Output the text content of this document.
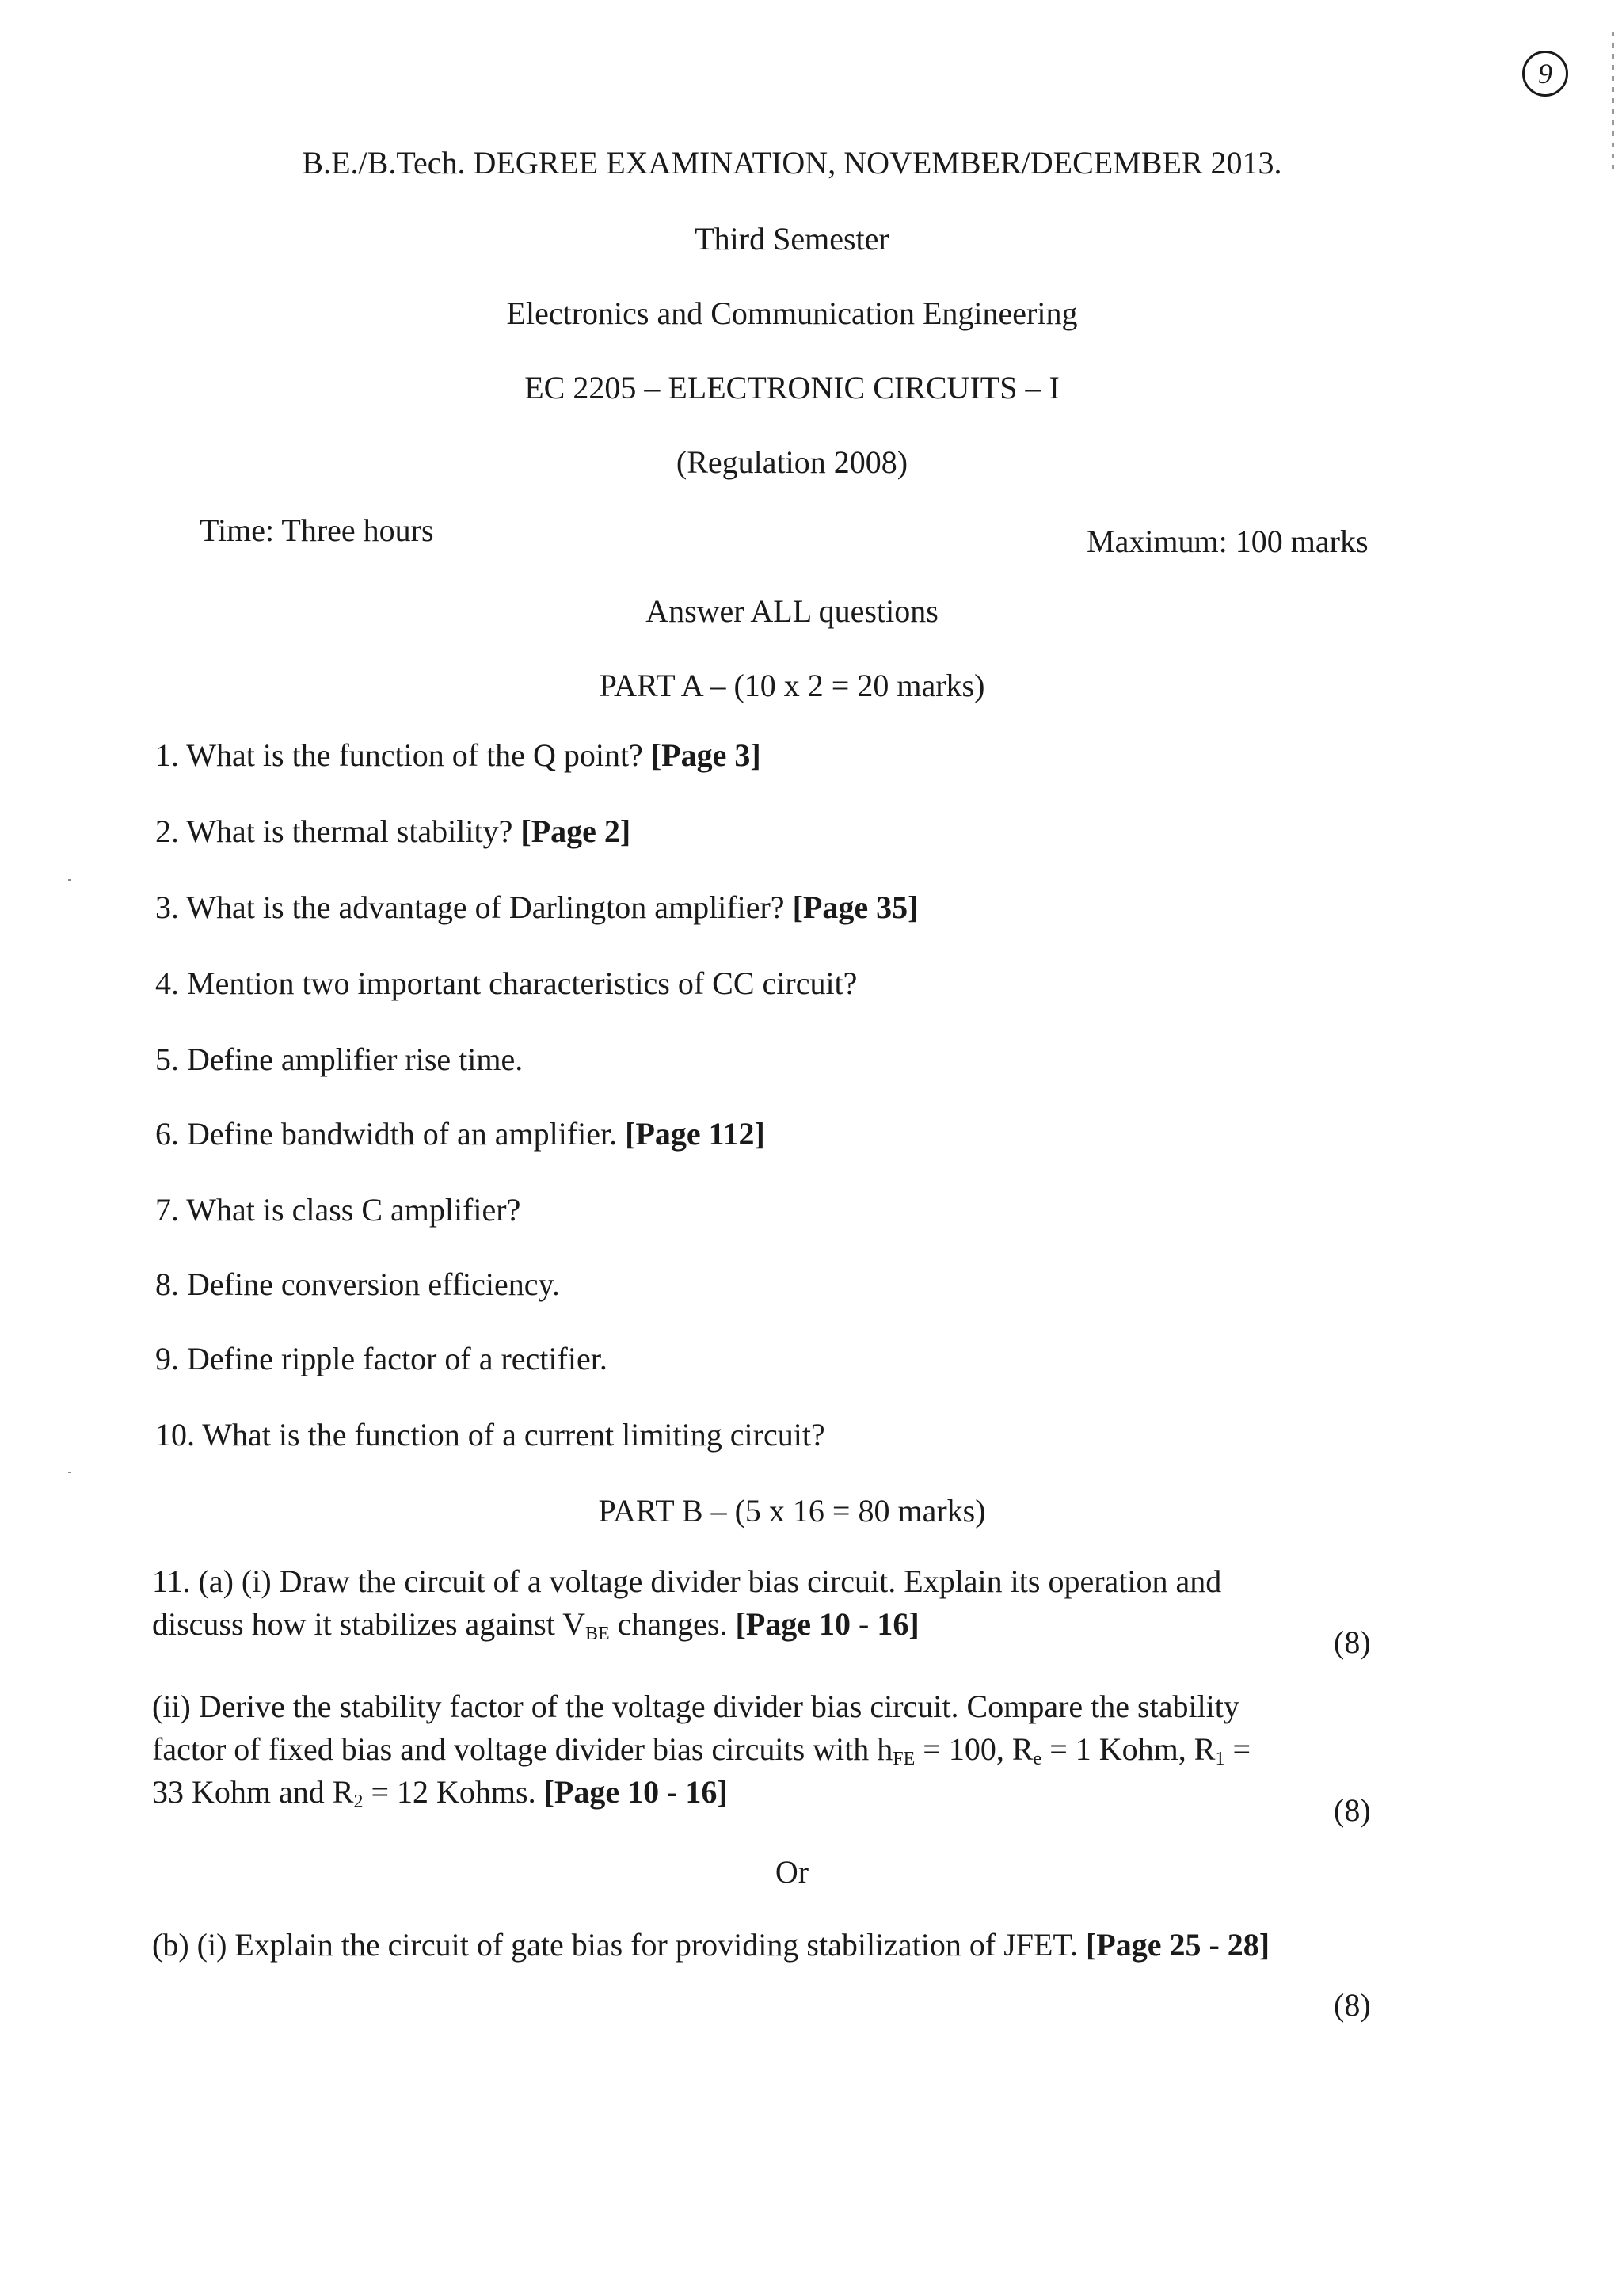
9
B.E./B.Tech. DEGREE EXAMINATION, NOVEMBER/DECEMBER 2013.
Third Semester
Electronics and Communication Engineering
EC 2205 – ELECTRONIC CIRCUITS – I
(Regulation 2008)
Time: Three hours	Maximum: 100 marks
Answer ALL questions
PART A – (10 x 2 = 20 marks)
1. What is the function of the Q point? [Page 3]
2. What is thermal stability? [Page 2]
3. What is the advantage of Darlington amplifier? [Page 35]
4. Mention two important characteristics of CC circuit?
5. Define amplifier rise time.
6. Define bandwidth of an amplifier. [Page 112]
7. What is class C amplifier?
8. Define conversion efficiency.
9. Define ripple factor of a rectifier.
10. What is the function of a current limiting circuit?
PART B – (5 x 16 = 80 marks)
11. (a) (i) Draw the circuit of a voltage divider bias circuit. Explain its operation and
discuss how it stabilizes against $V_{BE}$ changes. [Page 10 - 16]
(8)
(ii) Derive the stability factor of the voltage divider bias circuit. Compare the stability
factor of fixed bias and voltage divider bias circuits with $h_{FE} = 100$, $R_e = 1$ Kohm, $R_1$ =
33 Kohm and $R_2 = 12$ Kohms. [Page 10 - 16]
(8)
Or
(b) (i) Explain the circuit of gate bias for providing stabilization of JFET. [Page 25 - 28]
(8)
